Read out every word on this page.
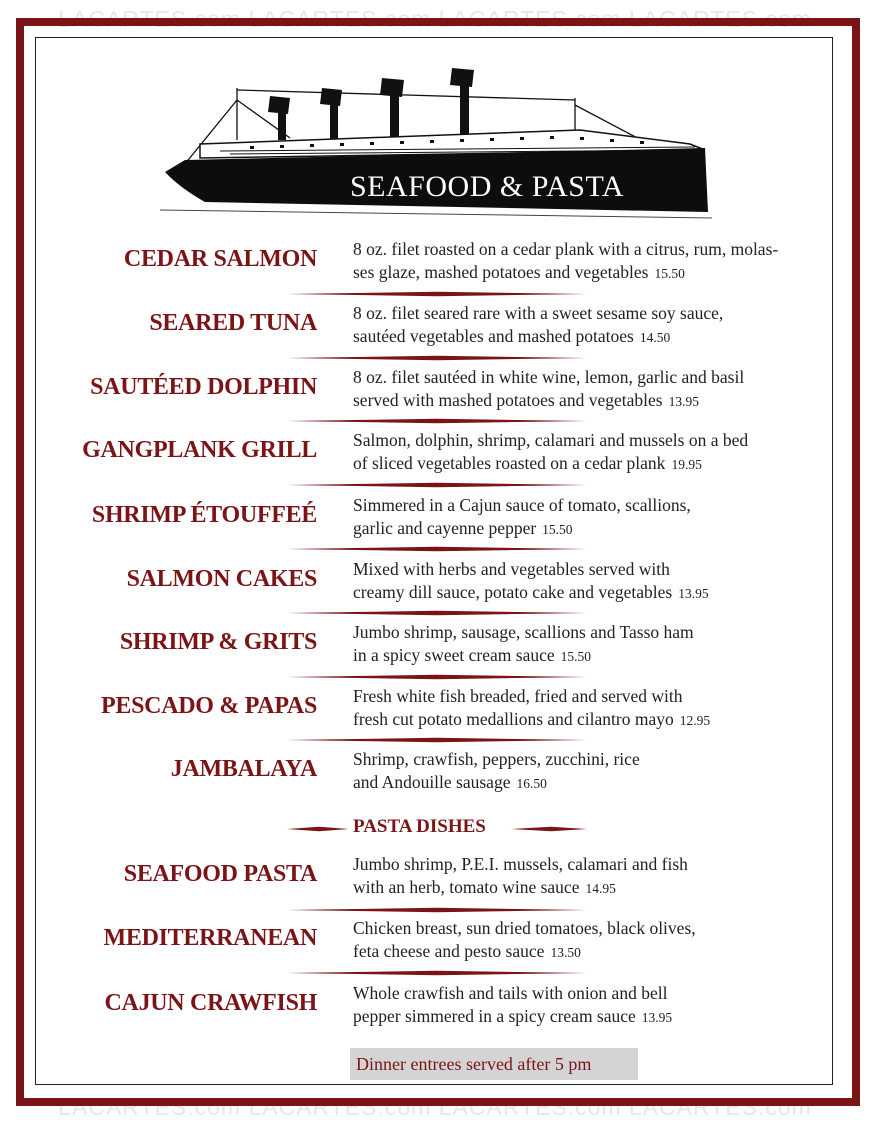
LACARTES.com LACARTES.com LACARTES.com LACARTES.com
LACARTES.com LACARTES.com LACARTES.com LACARTES.com
SEAFOOD & PASTA
CEDAR SALMON 8 oz. filet roasted on a cedar plank with a citrus, rum, molas-
ses glaze, mashed potatoes and vegetables 15.50
SEARED TUNA 8 oz. filet seared rare with a sweet sesame soy sauce,
sautéed vegetables and mashed potatoes 14.50
SAUTÉED DOLPHIN 8 oz. filet sautéed in white wine, lemon, garlic and basil
served with mashed potatoes and vegetables 13.95
GANGPLANK GRILL Salmon, dolphin, shrimp, calamari and mussels on a bed
of sliced vegetables roasted on a cedar plank 19.95
SHRIMP ÉTOUFFEÉ Simmered in a Cajun sauce of tomato, scallions,
garlic and cayenne pepper 15.50
SALMON CAKES Mixed with herbs and vegetables served with
creamy dill sauce, potato cake and vegetables 13.95
SHRIMP & GRITS Jumbo shrimp, sausage, scallions and Tasso ham
in a spicy sweet cream sauce 15.50
PESCADO & PAPAS Fresh white fish breaded, fried and served with
fresh cut potato medallions and cilantro mayo 12.95
JAMBALAYA Shrimp, crawfish, peppers, zucchini, rice
and Andouille sausage 16.50
PASTA DISHES
SEAFOOD PASTA Jumbo shrimp, P.E.I. mussels, calamari and fish
with an herb, tomato wine sauce 14.95
MEDITERRANEAN Chicken breast, sun dried tomatoes, black olives,
feta cheese and pesto sauce 13.50
CAJUN CRAWFISH Whole crawfish and tails with onion and bell
pepper simmered in a spicy cream sauce 13.95
Dinner entrees served after 5 pm
